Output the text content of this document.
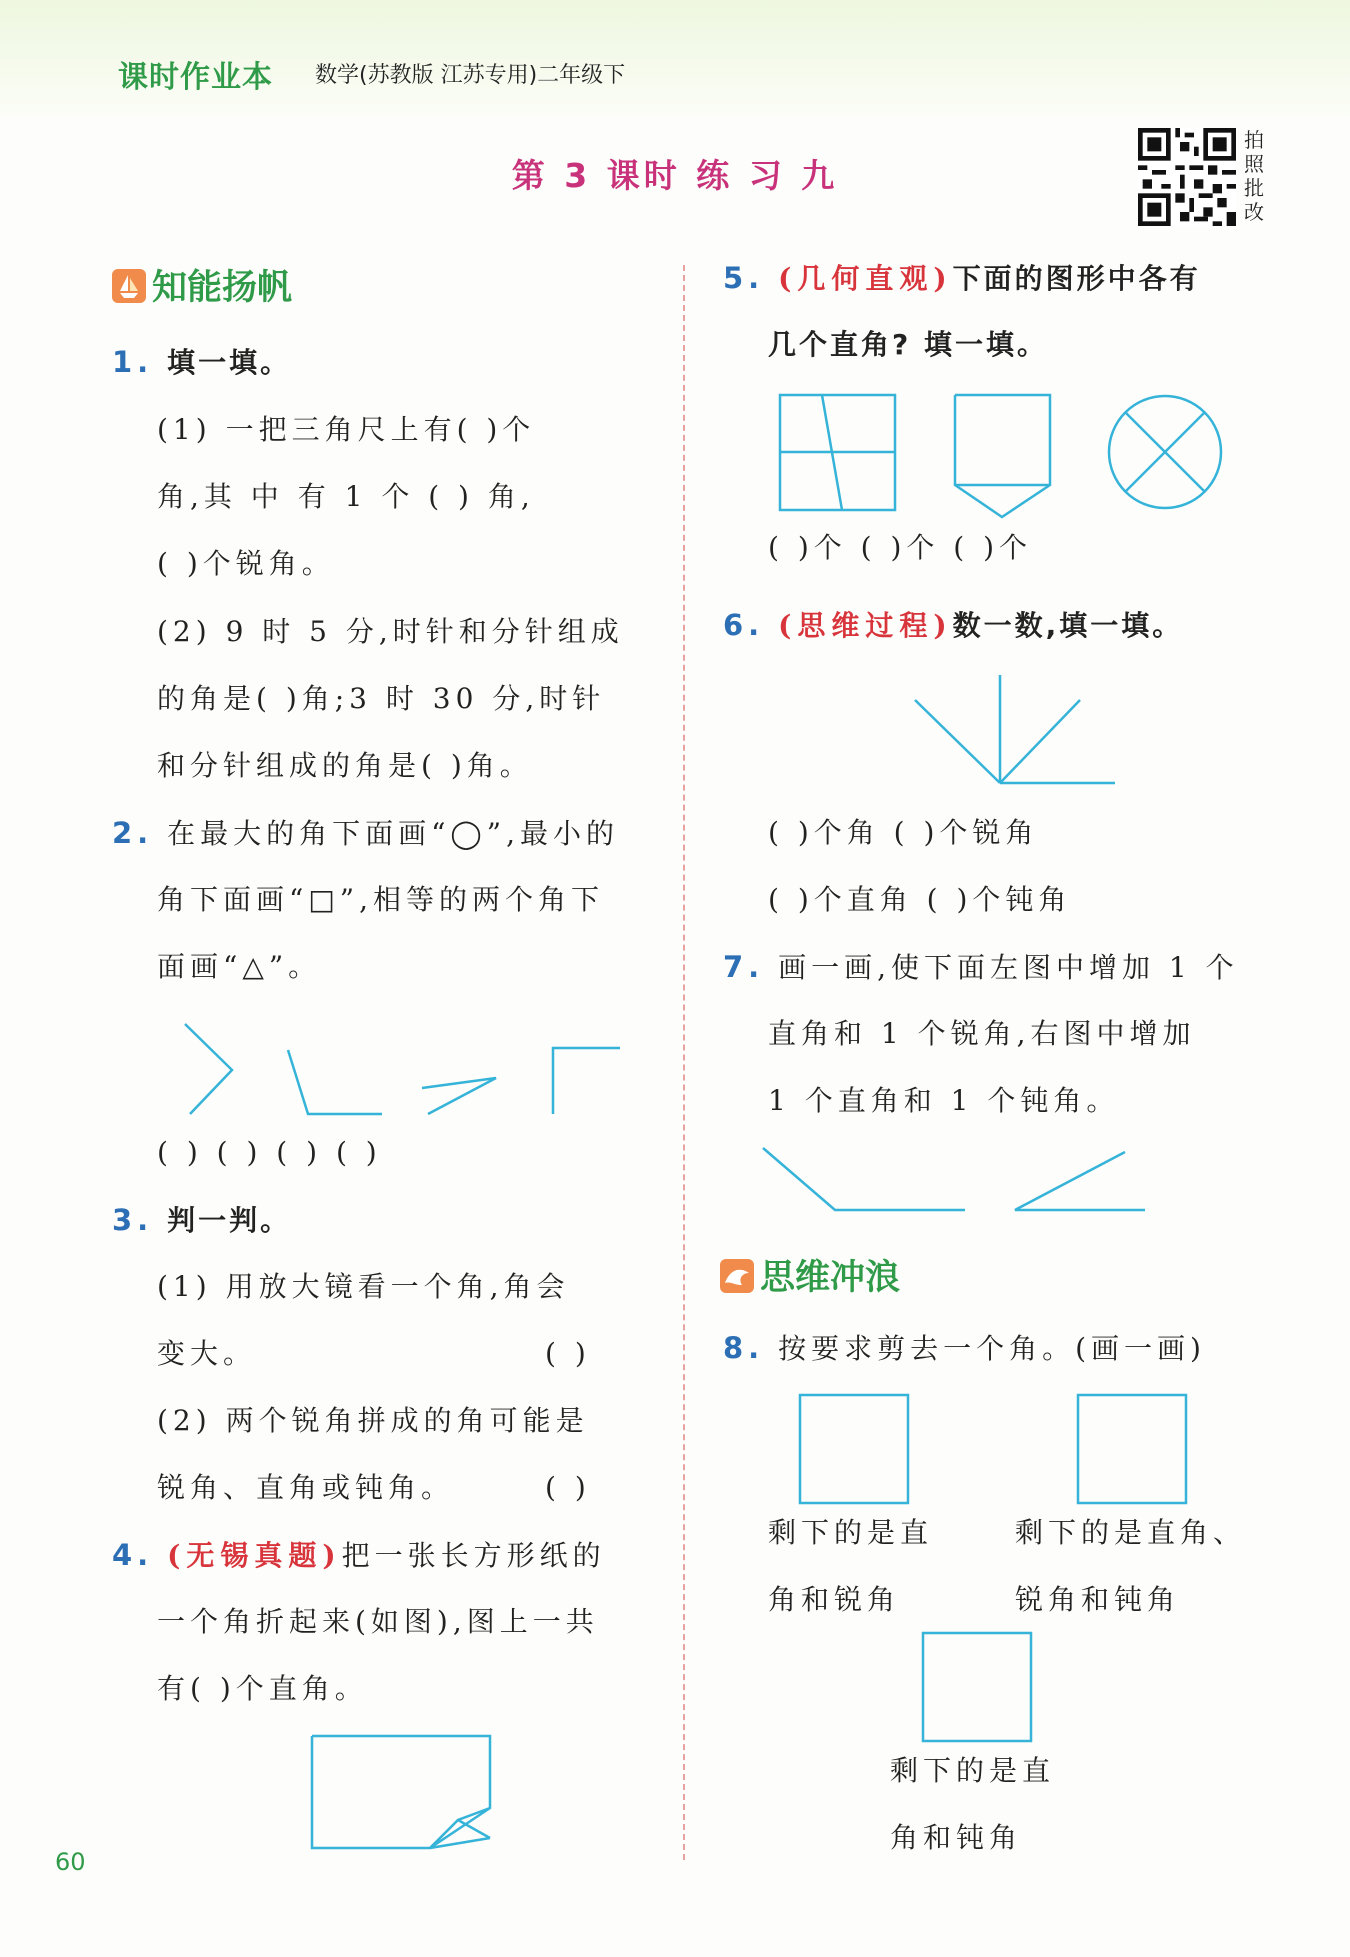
课时作业本 数学(苏教版 江苏专用)二年级下
第 3 课时 练 习 九
拍
照
批
改
知能扬帆
1. 填一填。
(1) 一把三角尺上有( )个
角,其 中 有 1 个 ( ) 角,
( )个锐角。
(2) 9 时 5 分,时针和分针组成
的角是( )角;3 时 30 分,时针
和分针组成的角是( )角。
2. 在最大的角下面画“◯”,最小的
角下面画“□”,相等的两个角下
面画“△”。
( ) ( ) ( ) ( )
3. 判一判。
(1) 用放大镜看一个角,角会
变大。	( )
(2) 两个锐角拼成的角可能是
锐角、直角或钝角。	( )
4. (无锡真题)把一张长方形纸的
一个角折起来(如图),图上一共
有( )个直角。
5. (几何直观)下面的图形中各有
几个直角? 填一填。
( )个 ( )个 ( )个
6. (思维过程)数一数,填一填。
( )个角 ( )个锐角
( )个直角 ( )个钝角
7. 画一画,使下面左图中增加 1 个
直角和 1 个锐角,右图中增加
1 个直角和 1 个钝角。
思维冲浪
8. 按要求剪去一个角。(画一画)
剩下的是直
角和锐角
剩下的是直角、
锐角和钝角
剩下的是直
角和钝角
60
